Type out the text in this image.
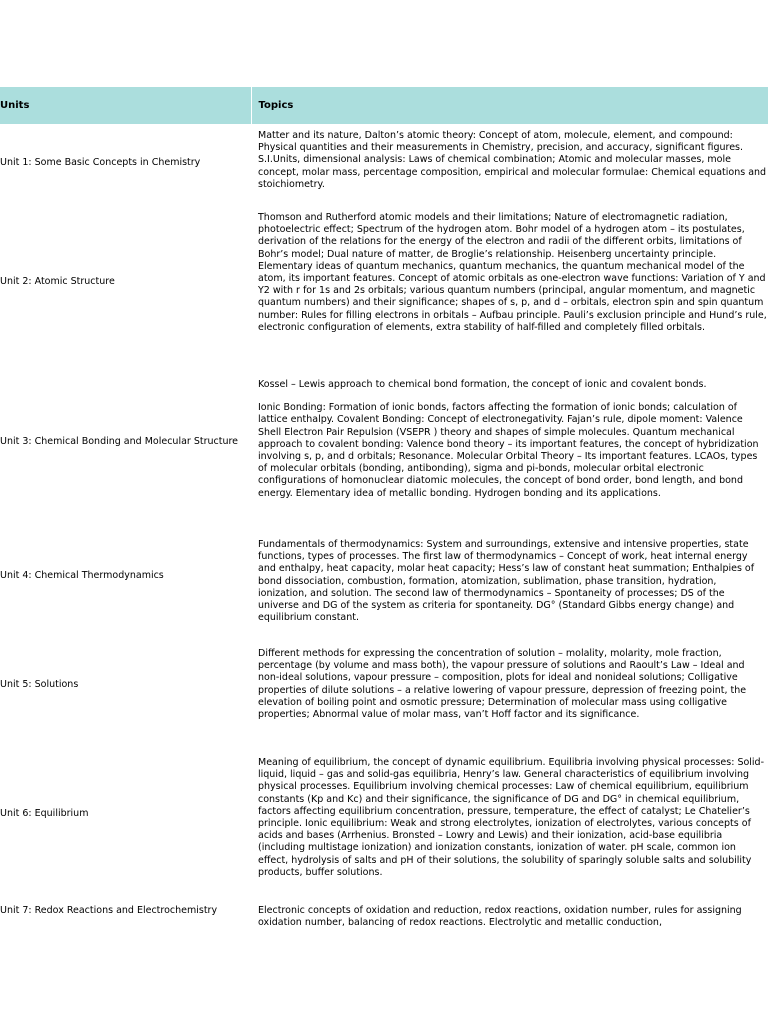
Units	Topics
Unit 1: Some Basic Concepts in Chemistry	Matter and its nature, Dalton’s atomic theory: Concept of atom, molecule, element, and compound: Physical quantities and their measurements in Chemistry, precision, and accuracy, significant figures. S.I.Units, dimensional analysis: Laws of chemical combination; Atomic and molecular masses, mole concept, molar mass, percentage composition, empirical and molecular formulae: Chemical equations and stoichiometry.

Unit 2: Atomic Structure	Thomson and Rutherford atomic models and their limitations; Nature of electromagnetic radiation, photoelectric effect; Spectrum of the hydrogen atom. Bohr model of a hydrogen atom – its postulates, derivation of the relations for the energy of the electron and radii of the different orbits, limitations of Bohr’s model; Dual nature of matter, de Broglie’s relationship. Heisenberg uncertainty principle. Elementary ideas of quantum mechanics, quantum mechanics, the quantum mechanical model of the atom, its important features. Concept of atomic orbitals as one-electron wave functions: Variation of Y and Y2 with r for 1s and 2s orbitals; various quantum numbers (principal, angular momentum, and magnetic quantum numbers) and their significance; shapes of s, p, and d – orbitals, electron spin and spin quantum number: Rules for filling electrons in orbitals – Aufbau principle. Pauli’s exclusion principle and Hund’s rule, electronic configuration of elements, extra stability of half-filled and completely filled orbitals.

Unit 3: Chemical Bonding and Molecular Structure	Kossel – Lewis approach to chemical bond formation, the concept of ionic and covalent bonds.

Ionic Bonding: Formation of ionic bonds, factors affecting the formation of ionic bonds; calculation of lattice enthalpy. Covalent Bonding: Concept of electronegativity. Fajan’s rule, dipole moment: Valence Shell Electron Pair Repulsion (VSEPR ) theory and shapes of simple molecules. Quantum mechanical approach to covalent bonding: Valence bond theory – its important features, the concept of hybridization involving s, p, and d orbitals; Resonance. Molecular Orbital Theory – Its important features. LCAOs, types of molecular orbitals (bonding, antibonding), sigma and pi-bonds, molecular orbital electronic configurations of homonuclear diatomic molecules, the concept of bond order, bond length, and bond energy. Elementary idea of metallic bonding. Hydrogen bonding and its applications.

Unit 4: Chemical Thermodynamics	Fundamentals of thermodynamics: System and surroundings, extensive and intensive properties, state functions, types of processes. The first law of thermodynamics – Concept of work, heat internal energy and enthalpy, heat capacity, molar heat capacity; Hess’s law of constant heat summation; Enthalpies of bond dissociation, combustion, formation, atomization, sublimation, phase transition, hydration, ionization, and solution. The second law of thermodynamics – Spontaneity of processes; DS of the universe and DG of the system as criteria for spontaneity. DG° (Standard Gibbs energy change) and equilibrium constant.

Unit 5: Solutions	Different methods for expressing the concentration of solution – molality, molarity, mole fraction, percentage (by volume and mass both), the vapour pressure of solutions and Raoult’s Law – Ideal and non-ideal solutions, vapour pressure – composition, plots for ideal and nonideal solutions; Colligative properties of dilute solutions – a relative lowering of vapour pressure, depression of freezing point, the elevation of boiling point and osmotic pressure; Determination of molecular mass using colligative properties; Abnormal value of molar mass, van’t Hoff factor and its significance.

Unit 6: Equilibrium	Meaning of equilibrium, the concept of dynamic equilibrium. Equilibria involving physical processes: Solid-liquid, liquid – gas and solid-gas equilibria, Henry’s law. General characteristics of equilibrium involving physical processes. Equilibrium involving chemical processes: Law of chemical equilibrium, equilibrium constants (Kp and Kc) and their significance, the significance of DG and DG° in chemical equilibrium, factors affecting equilibrium concentration, pressure, temperature, the effect of catalyst; Le Chatelier’s principle. Ionic equilibrium: Weak and strong electrolytes, ionization of electrolytes, various concepts of acids and bases (Arrhenius. Bronsted – Lowry and Lewis) and their ionization, acid-base equilibria (including multistage ionization) and ionization constants, ionization of water. pH scale, common ion effect, hydrolysis of salts and pH of their solutions, the solubility of sparingly soluble salts and solubility products, buffer solutions.

Unit 7: Redox Reactions and Electrochemistry	Electronic concepts of oxidation and reduction, redox reactions, oxidation number, rules for assigning oxidation number, balancing of redox reactions. Electrolytic and metallic conduction,
